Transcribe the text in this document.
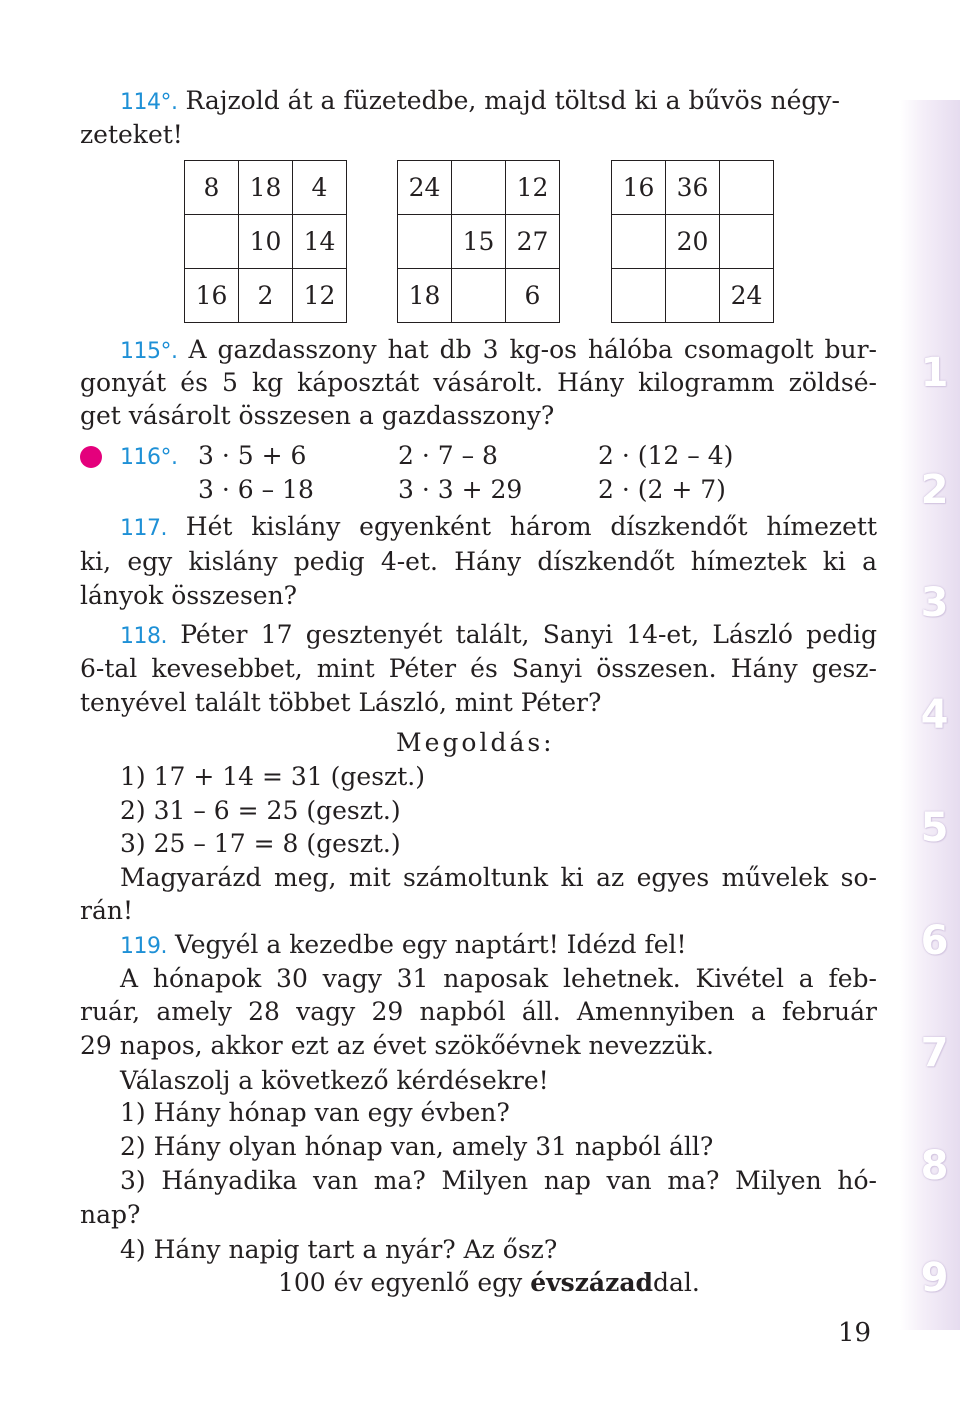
1
2
3
4
5
6
7
8
9
114°. Rajzold át a füzetedbe, majd töltsd ki a bűvös négy-
zeteket!
8	18	4
	10	14
16	2	12
24		12
	15	27
18		6
16	36	
	20	
		24
115°. A gazdasszony hat db 3 kg-os hálóba csomagolt bur-
gonyát és 5 kg káposztát vásárolt. Hány kilogramm zöldsé-
get vásárolt összesen a gazdasszony?
116°. 3 · 5 + 6	2 · 7 – 8	2 · (12 – 4)
3 · 6 – 18	3 · 3 + 29	2 · (2 + 7)
117. Hét kislány egyenként három díszkendőt hímezett
ki, egy kislány pedig 4-et. Hány díszkendőt hímeztek ki a
lányok összesen?
118. Péter 17 gesztenyét talált, Sanyi 14-et, László pedig
6-tal kevesebbet, mint Péter és Sanyi összesen. Hány gesz-
tenyével talált többet László, mint Péter?
Megoldás:
1) 17 + 14 = 31 (geszt.)
2) 31 – 6 = 25 (geszt.)
3) 25 – 17 = 8 (geszt.)
Magyarázd meg, mit számoltunk ki az egyes művelek so-
rán!
119. Vegyél a kezedbe egy naptárt! Idézd fel!
A hónapok 30 vagy 31 naposak lehetnek. Kivétel a feb-
ruár, amely 28 vagy 29 napból áll. Amennyiben a február
29 napos, akkor ezt az évet szökőévnek nevezzük.
Válaszolj a következő kérdésekre!
1) Hány hónap van egy évben?
2) Hány olyan hónap van, amely 31 napból áll?
3) Hányadika van ma? Milyen nap van ma? Milyen hó-
nap?
4) Hány napig tart a nyár? Az ősz?
100 év egyenlő egy évszázaddal.
19
